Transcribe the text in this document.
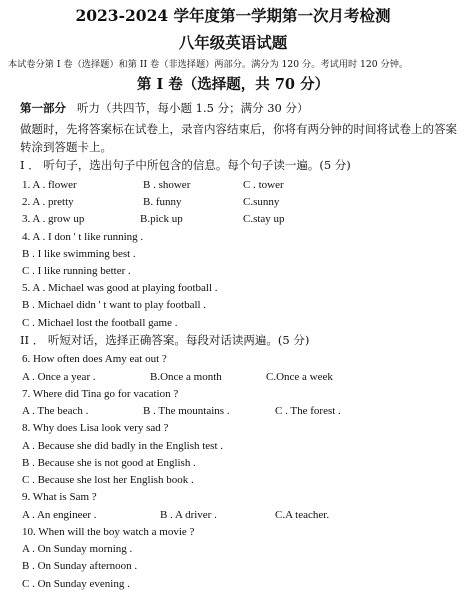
2023-2024 学年度第一学期第一次月考检测
八年级英语试题
本试卷分第 I 卷（选择题）和第 II 卷（非选择题）两部分。满分为 120 分。考试用时 120 分钟。
第 I 卷（选择题，共 70 分）
第一部分 听力（共四节，每小题 1.5 分；满分 30 分）
做题时，先将答案标在试卷上，录音内容结束后，你将有两分钟的时间将试卷上的答案转涂到答题卡上。
I ． 听句子，选出句子中所包含的信息。每个句子读一遍。(5 分)
1. A . flower	B . shower	C . tower
2. A . pretty	B. funny	C.sunny
3. A . grow up	B.pick up	C.stay up
4. A . I don ' t like running .
B . I like swimming best .
C . I like running better .
5. A . Michael was good at playing football .
B . Michael didn ' t want to play football .
C . Michael lost the football game .
II ． 听短对话，选择正确答案。每段对话读两遍。(5 分)
6. How often does Amy eat out ?
A . Once a year .	B.Once a month	C.Once a week
7. Where did Tina go for vacation ?
A . The beach .	B . The mountains .	C . The forest .
8. Why does Lisa look very sad ?
A . Because she did badly in the English test .
B . Because she is not good at English .
C . Because she lost her English book .
9. What is Sam ?
A . An engineer .	B . A driver .	C.A teacher.
10. When will the boy watch a movie ?
A . On Sunday morning .
B . On Sunday afternoon .
C . On Sunday evening .
